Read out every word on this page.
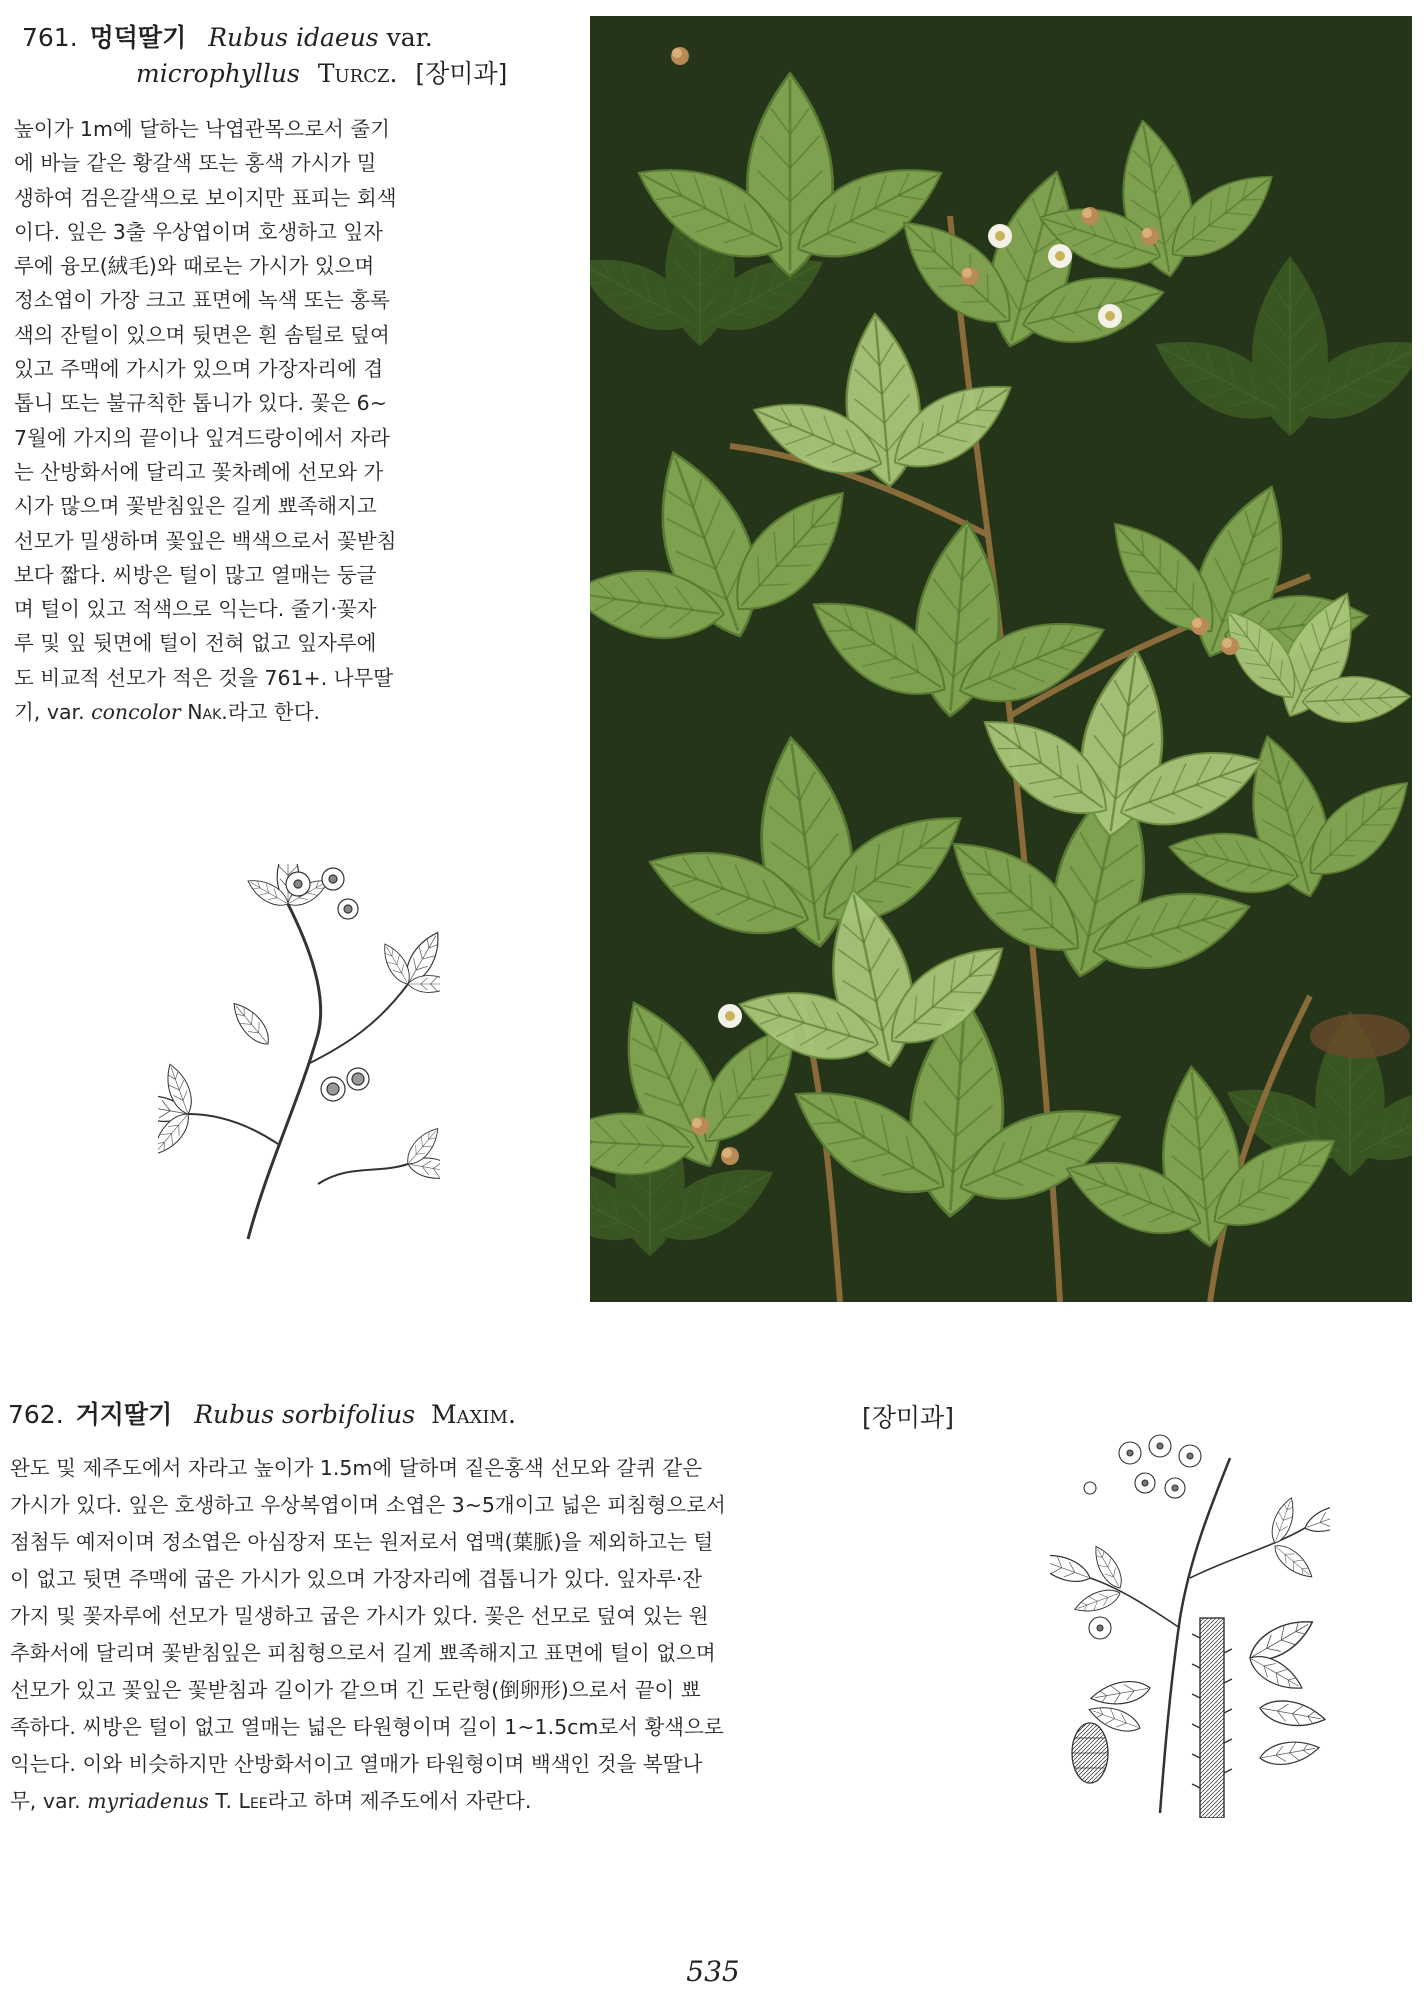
761. 멍덕딸기 Rubus idaeus var.
microphyllus Turcz. [장미과]
높이가 1m에 달하는 낙엽관목으로서 줄기
에 바늘 같은 황갈색 또는 홍색 가시가 밀
생하여 검은갈색으로 보이지만 표피는 회색
이다. 잎은 3출 우상엽이며 호생하고 잎자
루에 융모(絨毛)와 때로는 가시가 있으며
정소엽이 가장 크고 표면에 녹색 또는 홍록
색의 잔털이 있으며 뒷면은 흰 솜털로 덮여
있고 주맥에 가시가 있으며 가장자리에 겹
톱니 또는 불규칙한 톱니가 있다. 꽃은 6~
7월에 가지의 끝이나 잎겨드랑이에서 자라
는 산방화서에 달리고 꽃차례에 선모와 가
시가 많으며 꽃받침잎은 길게 뾰족해지고
선모가 밀생하며 꽃잎은 백색으로서 꽃받침
보다 짧다. 씨방은 털이 많고 열매는 둥글
며 털이 있고 적색으로 익는다. 줄기·꽃자
루 및 잎 뒷면에 털이 전혀 없고 잎자루에
도 비교적 선모가 적은 것을 761+. 나무딸
기, var. concolor Nak.라고 한다.
762. 거지딸기 Rubus sorbifolius Maxim.	[장미과]
완도 및 제주도에서 자라고 높이가 1.5m에 달하며 짙은홍색 선모와 갈퀴 같은
가시가 있다. 잎은 호생하고 우상복엽이며 소엽은 3~5개이고 넓은 피침형으로서
점첨두 예저이며 정소엽은 아심장저 또는 원저로서 엽맥(葉脈)을 제외하고는 털
이 없고 뒷면 주맥에 굽은 가시가 있으며 가장자리에 겹톱니가 있다. 잎자루·잔
가지 및 꽃자루에 선모가 밀생하고 굽은 가시가 있다. 꽃은 선모로 덮여 있는 원
추화서에 달리며 꽃받침잎은 피침형으로서 길게 뾰족해지고 표면에 털이 없으며
선모가 있고 꽃잎은 꽃받침과 길이가 같으며 긴 도란형(倒卵形)으로서 끝이 뾰
족하다. 씨방은 털이 없고 열매는 넓은 타원형이며 길이 1~1.5cm로서 황색으로
익는다. 이와 비슷하지만 산방화서이고 열매가 타원형이며 백색인 것을 복딸나
무, var. myriadenus T. Lee라고 하며 제주도에서 자란다.
535
